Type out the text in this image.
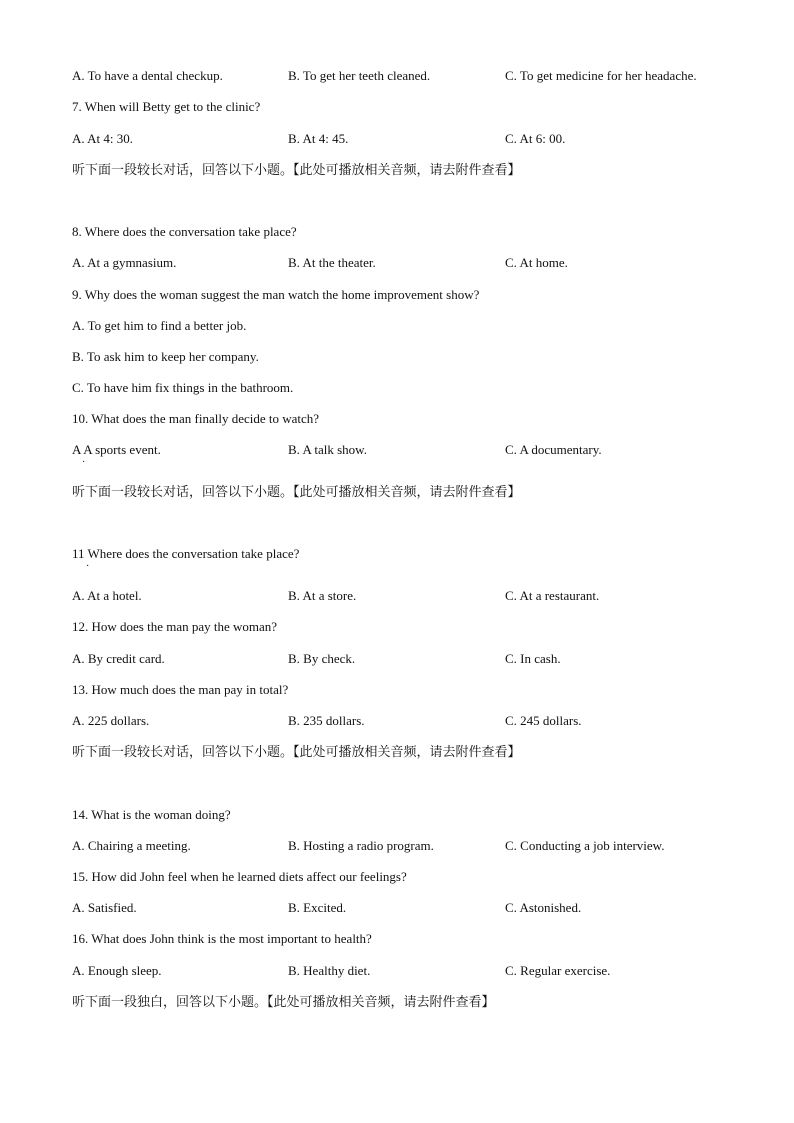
A. To have a dental checkup.	B. To get her teeth cleaned.	C. To get medicine for her headache.
7. When will Betty get to the clinic?
A. At 4: 30.	B. At 4: 45.	C. At 6: 00.
听下面一段较长对话，回答以下小题。【此处可播放相关音频，请去附件查看】
8. Where does the conversation take place?
A. At a gymnasium.	B. At the theater.	C. At home.
9. Why does the woman suggest the man watch the home improvement show?
A. To get him to find a better job.
B. To ask him to keep her company.
C. To have him fix things in the bathroom.
10. What does the man finally decide to watch?
A A sports event.	B. A talk show.	C. A documentary.
·
听下面一段较长对话，回答以下小题。【此处可播放相关音频，请去附件查看】
11 Where does the conversation take place?
·
A. At a hotel.	B. At a store.	C. At a restaurant.
12. How does the man pay the woman?
A. By credit card.	B. By check.	C. In cash.
13. How much does the man pay in total?
A. 225 dollars.	B. 235 dollars.	C. 245 dollars.
听下面一段较长对话，回答以下小题。【此处可播放相关音频，请去附件查看】
14. What is the woman doing?
A. Chairing a meeting.	B. Hosting a radio program.	C. Conducting a job interview.
15. How did John feel when he learned diets affect our feelings?
A. Satisfied.	B. Excited.	C. Astonished.
16. What does John think is the most important to health?
A. Enough sleep.	B. Healthy diet.	C. Regular exercise.
听下面一段独白，回答以下小题。【此处可播放相关音频，请去附件查看】
